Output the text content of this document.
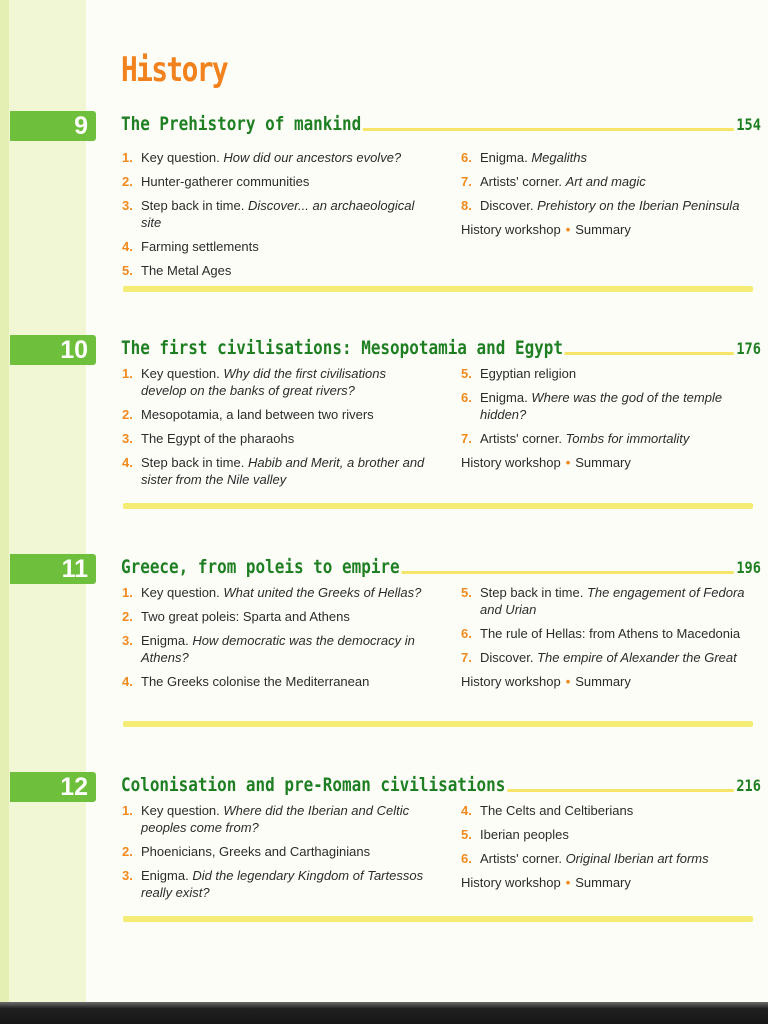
History
9 The Prehistory of mankind	154
1. Key question. How did our ancestors evolve?
2. Hunter-gatherer communities
3. Step back in time. Discover... an archaeological site
4. Farming settlements
5. The Metal Ages
6. Enigma. Megaliths
7. Artists' corner. Art and magic
8. Discover. Prehistory on the Iberian Peninsula
History workshop • Summary
10 The first civilisations: Mesopotamia and Egypt	176
1. Key question. Why did the first civilisations develop on the banks of great rivers?
2. Mesopotamia, a land between two rivers
3. The Egypt of the pharaohs
4. Step back in time. Habib and Merit, a brother and sister from the Nile valley
5. Egyptian religion
6. Enigma. Where was the god of the temple hidden?
7. Artists' corner. Tombs for immortality
History workshop • Summary
11 Greece, from poleis to empire	196
1. Key question. What united the Greeks of Hellas?
2. Two great poleis: Sparta and Athens
3. Enigma. How democratic was the democracy in Athens?
4. The Greeks colonise the Mediterranean
5. Step back in time. The engagement of Fedora and Urian
6. The rule of Hellas: from Athens to Macedonia
7. Discover. The empire of Alexander the Great
History workshop • Summary
12 Colonisation and pre-Roman civilisations	216
1. Key question. Where did the Iberian and Celtic peoples come from?
2. Phoenicians, Greeks and Carthaginians
3. Enigma. Did the legendary Kingdom of Tartessos really exist?
4. The Celts and Celtiberians
5. Iberian peoples
6. Artists' corner. Original Iberian art forms
History workshop • Summary
